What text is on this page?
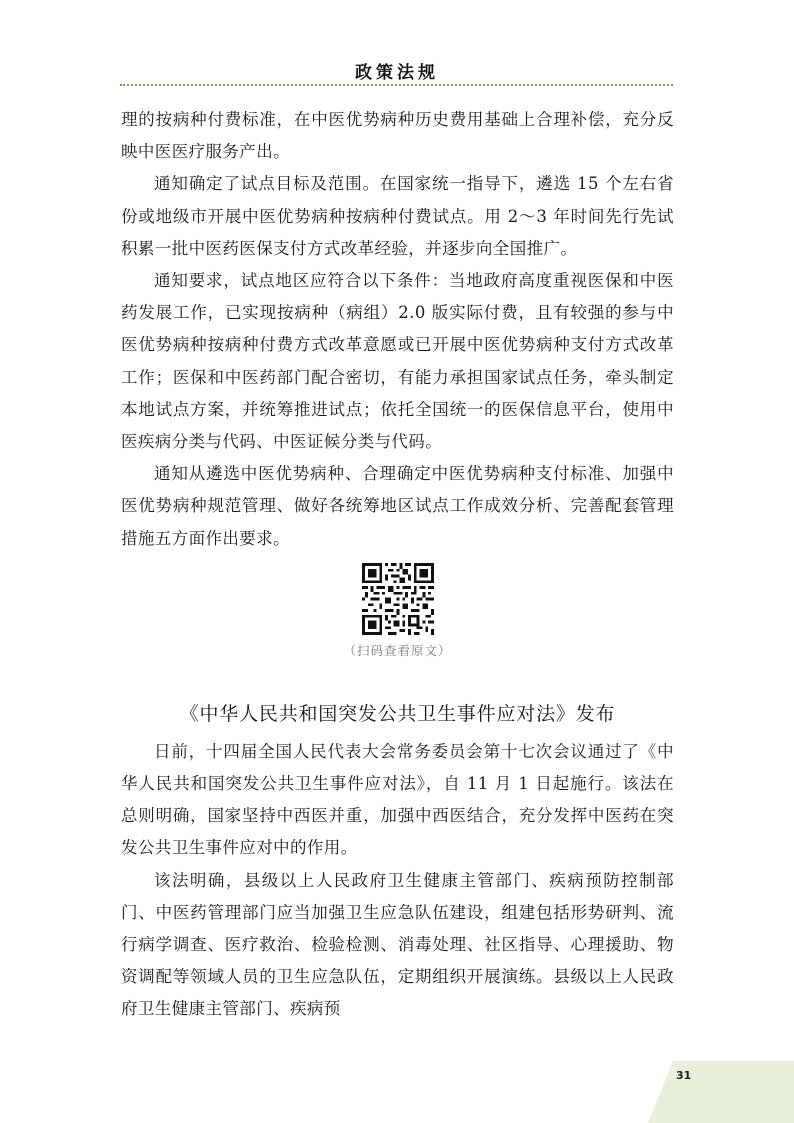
政策法规

理的按病种付费标准，在中医优势病种历史费用基础上合理补偿，充分反映中医医疗服务产出。

通知确定了试点目标及范围。在国家统一指导下，遴选 15 个左右省份或地级市开展中医优势病种按病种付费试点。用 2～3 年时间先行先试积累一批中医药医保支付方式改革经验，并逐步向全国推广。

通知要求，试点地区应符合以下条件：当地政府高度重视医保和中医药发展工作，已实现按病种（病组）2.0 版实际付费，且有较强的参与中医优势病种按病种付费方式改革意愿或已开展中医优势病种支付方式改革工作；医保和中医药部门配合密切，有能力承担国家试点任务，牵头制定本地试点方案，并统筹推进试点；依托全国统一的医保信息平台，使用中医疾病分类与代码、中医证候分类与代码。

通知从遴选中医优势病种、合理确定中医优势病种支付标准、加强中医优势病种规范管理、做好各统筹地区试点工作成效分析、完善配套管理措施五方面作出要求。

（扫码查看原文）
《中华人民共和国突发公共卫生事件应对法》发布

日前，十四届全国人民代表大会常务委员会第十七次会议通过了《中华人民共和国突发公共卫生事件应对法》，自 11 月 1 日起施行。该法在总则明确，国家坚持中西医并重，加强中西医结合，充分发挥中医药在突发公共卫生事件应对中的作用。

该法明确，县级以上人民政府卫生健康主管部门、疾病预防控制部门、中医药管理部门应当加强卫生应急队伍建设，组建包括形势研判、流行病学调查、医疗救治、检验检测、消毒处理、社区指导、心理援助、物资调配等领域人员的卫生应急队伍，定期组织开展演练。县级以上人民政府卫生健康主管部门、疾病预

31
